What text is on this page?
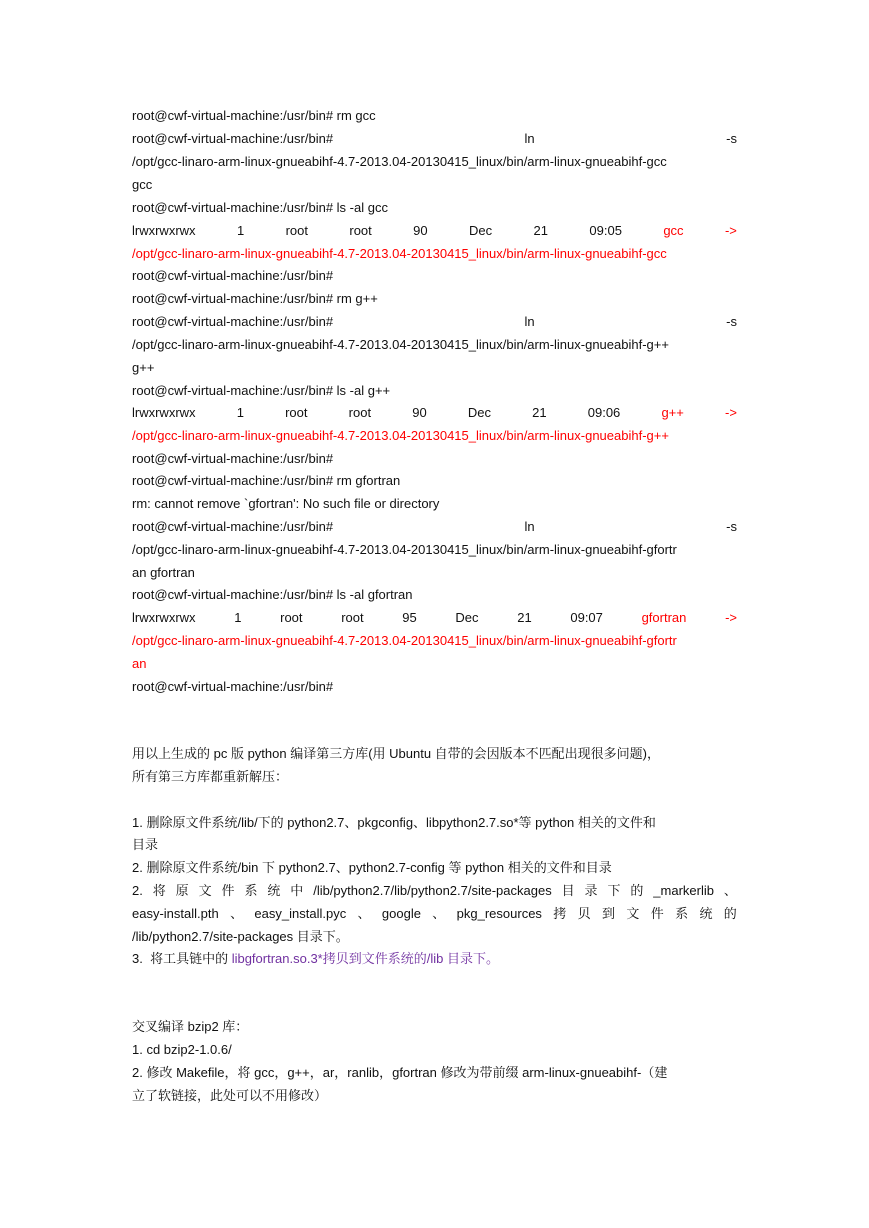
root@cwf-virtual-machine:/usr/bin# rm gcc
root@cwf-virtual-machine:/usr/bin#	ln	-s
/opt/gcc-linaro-arm-linux-gnueabihf-4.7-2013.04-20130415_linux/bin/arm-linux-gnueabihf-gcc
gcc
root@cwf-virtual-machine:/usr/bin# ls -al gcc
lrwxrwxrwx	1	root	root	90	Dec	21	09:05	gcc	->
/opt/gcc-linaro-arm-linux-gnueabihf-4.7-2013.04-20130415_linux/bin/arm-linux-gnueabihf-gcc
root@cwf-virtual-machine:/usr/bin#
root@cwf-virtual-machine:/usr/bin# rm g++
root@cwf-virtual-machine:/usr/bin#	ln	-s
/opt/gcc-linaro-arm-linux-gnueabihf-4.7-2013.04-20130415_linux/bin/arm-linux-gnueabihf-g++
g++
root@cwf-virtual-machine:/usr/bin# ls -al g++
lrwxrwxrwx	1	root	root	90	Dec	21	09:06	g++	->
/opt/gcc-linaro-arm-linux-gnueabihf-4.7-2013.04-20130415_linux/bin/arm-linux-gnueabihf-g++
root@cwf-virtual-machine:/usr/bin#
root@cwf-virtual-machine:/usr/bin# rm gfortran
rm: cannot remove `gfortran': No such file or directory
root@cwf-virtual-machine:/usr/bin#	ln	-s
/opt/gcc-linaro-arm-linux-gnueabihf-4.7-2013.04-20130415_linux/bin/arm-linux-gnueabihf-gfortr
an gfortran
root@cwf-virtual-machine:/usr/bin# ls -al gfortran
lrwxrwxrwx	1	root	root	95	Dec	21	09:07	gfortran	->
/opt/gcc-linaro-arm-linux-gnueabihf-4.7-2013.04-20130415_linux/bin/arm-linux-gnueabihf-gfortr
an
root@cwf-virtual-machine:/usr/bin#
用以上生成的 pc 版 python 编译第三方库(用 Ubuntu 自带的会因版本不匹配出现很多问题)，
所有第三方库都重新解压：
1. 删除原文件系统/lib/下的 python2.7、pkgconfig、libpython2.7.so*等 python 相关的文件和
目录
2. 删除原文件系统/bin 下 python2.7、python2.7-config 等 python 相关的文件和目录
2. 将 原 文 件 系 统 中 /lib/python2.7/lib/python2.7/site-packages 目 录 下 的 _markerlib 、
easy-install.pth 、 easy_install.pyc 、 google 、 pkg_resources 拷 贝 到 文 件 系 统 的
/lib/python2.7/site-packages 目录下。
3.  将工具链中的 libgfortran.so.3*拷贝到文件系统的/lib 目录下。
交叉编译 bzip2 库：
1. cd bzip2-1.0.6/
2. 修改 Makefile，将 gcc，g++，ar，ranlib，gfortran 修改为带前缀 arm-linux-gnueabihf-（建
立了软链接，此处可以不用修改）
